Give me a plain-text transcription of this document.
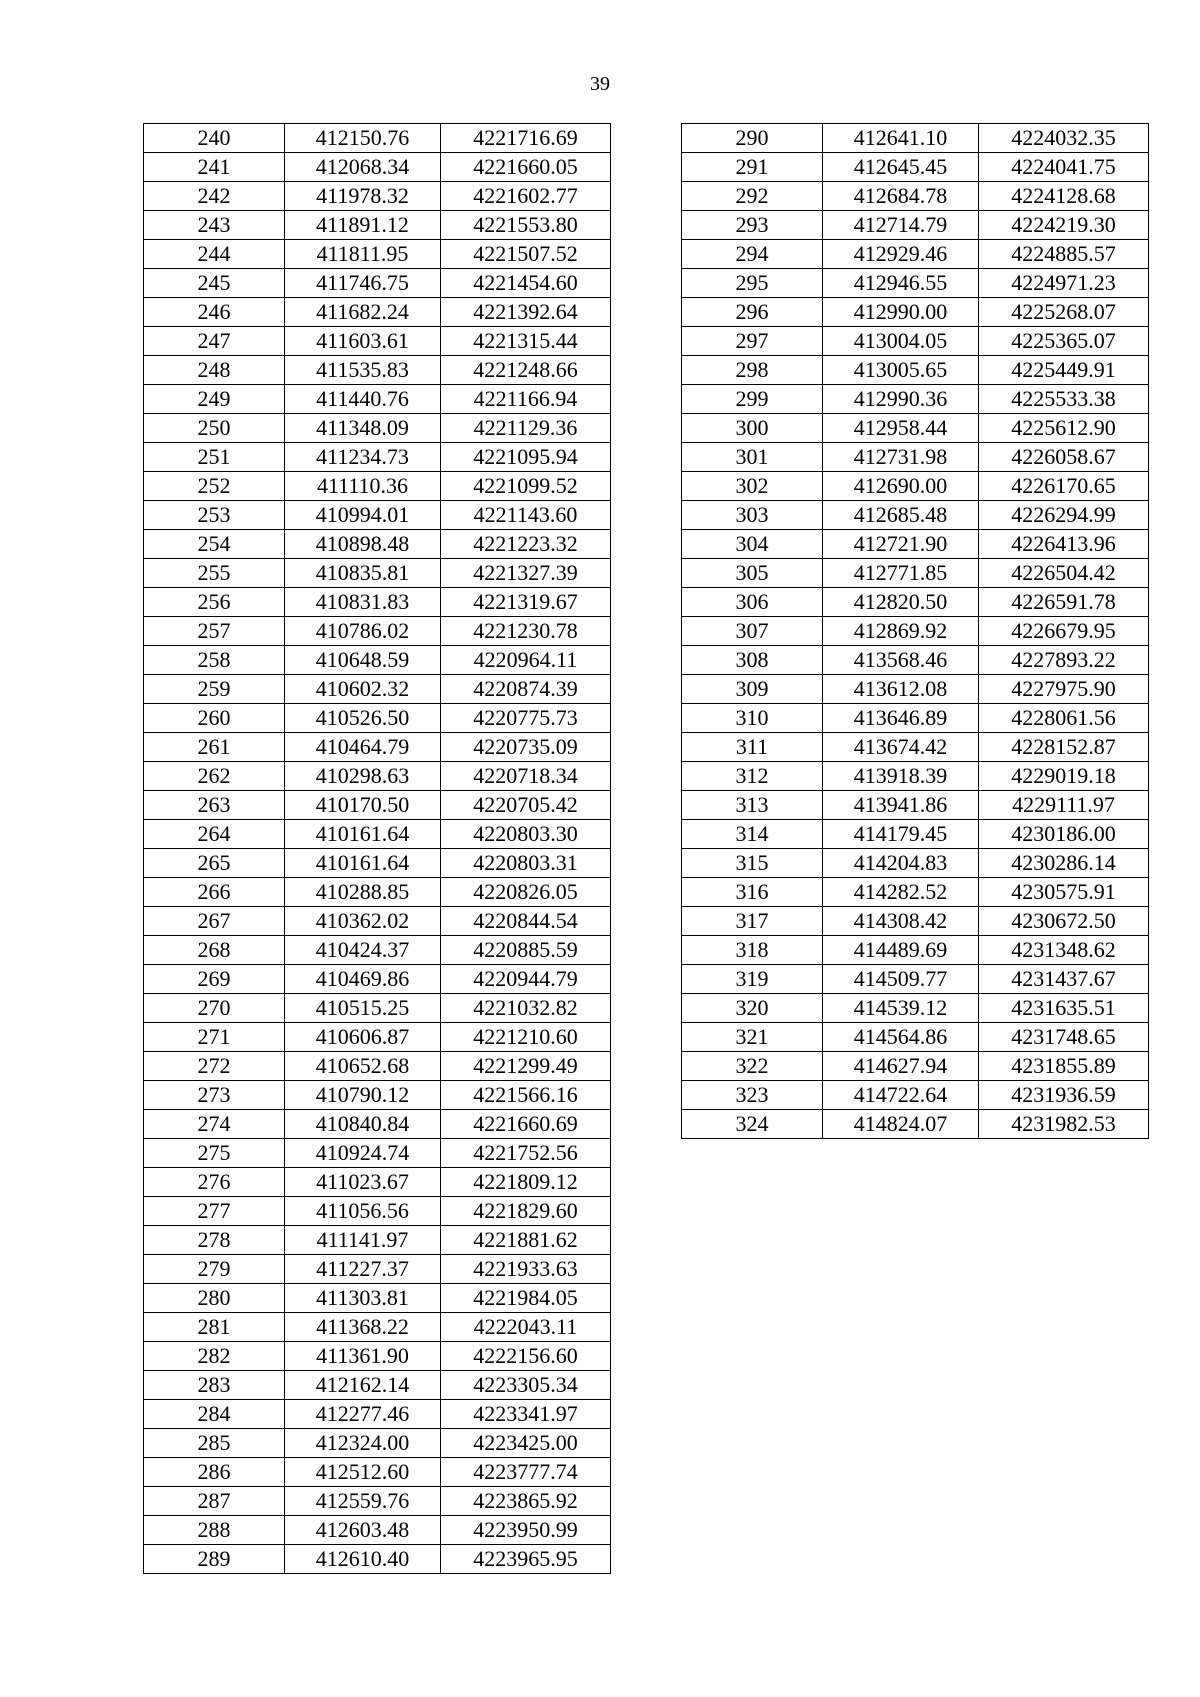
39
240	412150.76	4221716.69
241	412068.34	4221660.05
242	411978.32	4221602.77
243	411891.12	4221553.80
244	411811.95	4221507.52
245	411746.75	4221454.60
246	411682.24	4221392.64
247	411603.61	4221315.44
248	411535.83	4221248.66
249	411440.76	4221166.94
250	411348.09	4221129.36
251	411234.73	4221095.94
252	411110.36	4221099.52
253	410994.01	4221143.60
254	410898.48	4221223.32
255	410835.81	4221327.39
256	410831.83	4221319.67
257	410786.02	4221230.78
258	410648.59	4220964.11
259	410602.32	4220874.39
260	410526.50	4220775.73
261	410464.79	4220735.09
262	410298.63	4220718.34
263	410170.50	4220705.42
264	410161.64	4220803.30
265	410161.64	4220803.31
266	410288.85	4220826.05
267	410362.02	4220844.54
268	410424.37	4220885.59
269	410469.86	4220944.79
270	410515.25	4221032.82
271	410606.87	4221210.60
272	410652.68	4221299.49
273	410790.12	4221566.16
274	410840.84	4221660.69
275	410924.74	4221752.56
276	411023.67	4221809.12
277	411056.56	4221829.60
278	411141.97	4221881.62
279	411227.37	4221933.63
280	411303.81	4221984.05
281	411368.22	4222043.11
282	411361.90	4222156.60
283	412162.14	4223305.34
284	412277.46	4223341.97
285	412324.00	4223425.00
286	412512.60	4223777.74
287	412559.76	4223865.92
288	412603.48	4223950.99
289	412610.40	4223965.95
290	412641.10	4224032.35
291	412645.45	4224041.75
292	412684.78	4224128.68
293	412714.79	4224219.30
294	412929.46	4224885.57
295	412946.55	4224971.23
296	412990.00	4225268.07
297	413004.05	4225365.07
298	413005.65	4225449.91
299	412990.36	4225533.38
300	412958.44	4225612.90
301	412731.98	4226058.67
302	412690.00	4226170.65
303	412685.48	4226294.99
304	412721.90	4226413.96
305	412771.85	4226504.42
306	412820.50	4226591.78
307	412869.92	4226679.95
308	413568.46	4227893.22
309	413612.08	4227975.90
310	413646.89	4228061.56
311	413674.42	4228152.87
312	413918.39	4229019.18
313	413941.86	4229111.97
314	414179.45	4230186.00
315	414204.83	4230286.14
316	414282.52	4230575.91
317	414308.42	4230672.50
318	414489.69	4231348.62
319	414509.77	4231437.67
320	414539.12	4231635.51
321	414564.86	4231748.65
322	414627.94	4231855.89
323	414722.64	4231936.59
324	414824.07	4231982.53
